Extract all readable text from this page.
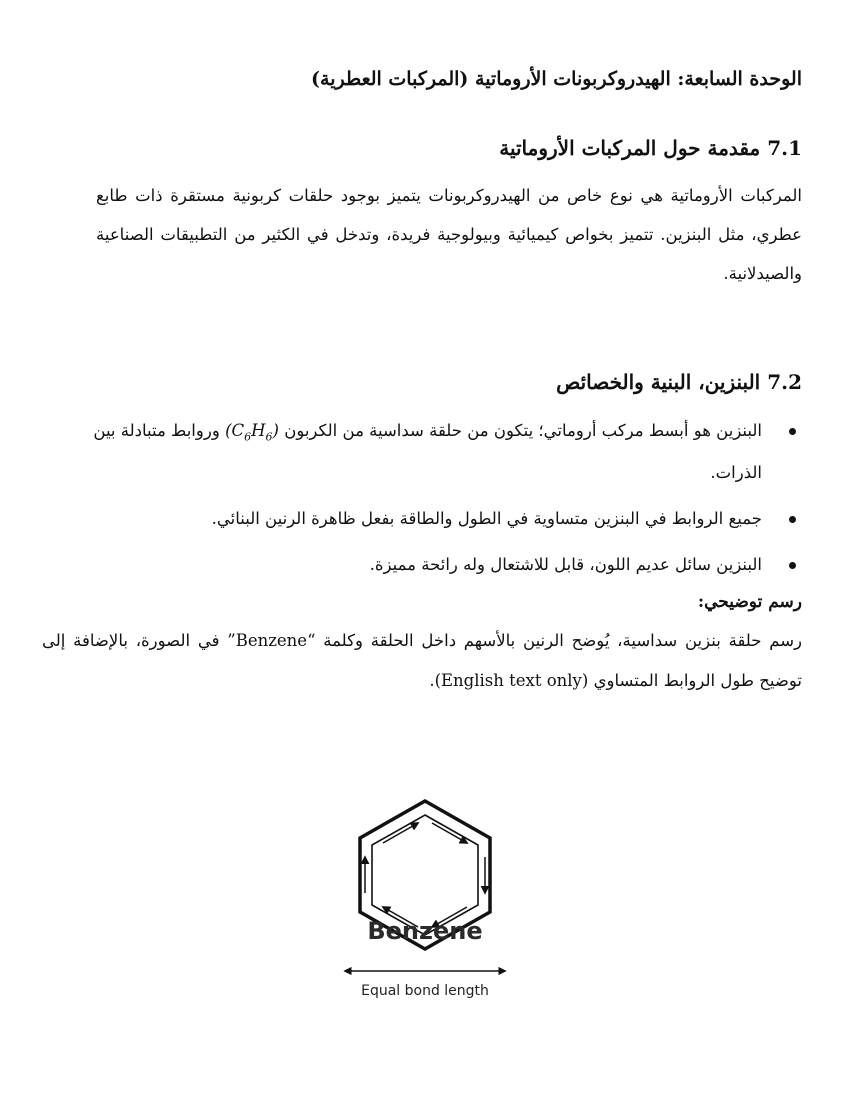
الوحدة السابعة: الهيدروكربونات الأروماتية (المركبات العطرية)
7.1 مقدمة حول المركبات الأروماتية
المركبات الأروماتية هي نوع خاص من الهيدروكربونات يتميز بوجود حلقات كربونية مستقرة ذات طابع عطري، مثل البنزين. تتميز بخواص كيميائية وبيولوجية فريدة، وتدخل في الكثير من التطبيقات الصناعية والصيدلانية.
7.2 البنزين، البنية والخصائص
البنزين هو أبسط مركب أروماتي؛ يتكون من حلقة سداسية من الكربون $(C_6H_6)$ وروابط متبادلة بين الذرات.
جميع الروابط في البنزين متساوية في الطول والطاقة بفعل ظاهرة الرنين البنائي.
البنزين سائل عديم اللون، قابل للاشتعال وله رائحة مميزة.
رسم توضيحي:
رسم حلقة بنزين سداسية، يُوضح الرنين بالأسهم داخل الحلقة وكلمة “Benzene” في الصورة، بالإضافة إلى توضيح طول الروابط المتساوي (English text only).
Benzene
Equal bond length
